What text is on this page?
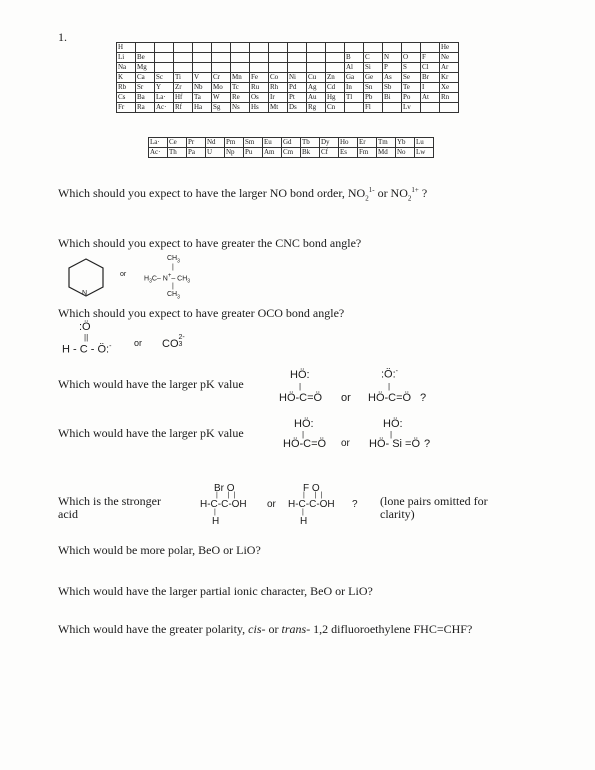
1.
H																	He
Li	Be											B	C	N	O	F	Ne
Na	Mg											Al	Si	P	S	Cl	Ar
K	Ca	Sc	Ti	V	Cr	Mn	Fe	Co	Ni	Cu	Zn	Ga	Ge	As	Se	Br	Kr
Rb	Sr	Y	Zr	Nb	Mo	Tc	Ru	Rh	Pd	Ag	Cd	In	Sn	Sb	Te	I	Xe
Cs	Ba	La·	Hf	Ta	W	Re	Os	Ir	Pt	Au	Hg	Tl	Pb	Bi	Po	At	Rn
Fr	Ra	Ac·	Rf	Ha	Sg	Ns	Hs	Mt	Ds	Rg	Cn		Fl		Lv		
La·	Ce	Pr	Nd	Pm	Sm	Eu	Gd	Tb	Dy	Ho	Er	Tm	Yb	Lu
Ac·	Th	Pa	U	Np	Pu	Am	Cm	Bk	Cf	Es	Fm	Md	No	Lw
Which should you expect to have the larger NO bond order, $NO_2^{1-}$ or $NO_2^{1+}$ ?
Which should you expect to have greater the CNC bond angle?
N
or
$CH_3$
|
$H_3C-$ N+– $CH_3$
|
$CH_3$
Which should you expect to have greater OCO bond angle?
:Ö
||
H - C - Ö:-	or CO2-
3
Which would have the larger pK value
HÖ:
|
HÖ-C=Ö or
:Ö:-
|
HÖ-C=Ö ?
Which would have the larger pK value
HÖ:
|
HÖ-C=Ö or
HÖ:
|
HÖ- Si =Ö ?
Which is the stronger
acid
Br O
| ||
H-C-C-OH
|
H
or
F O
| ||
H-C-C-OH
|
H
? (lone pairs omitted for
clarity)
Which would be more polar, BeO or LiO?
Which would have the larger partial ionic character, BeO or LiO?
Which would have the greater polarity, cis- or trans- 1,2 difluoroethylene FHC=CHF?
